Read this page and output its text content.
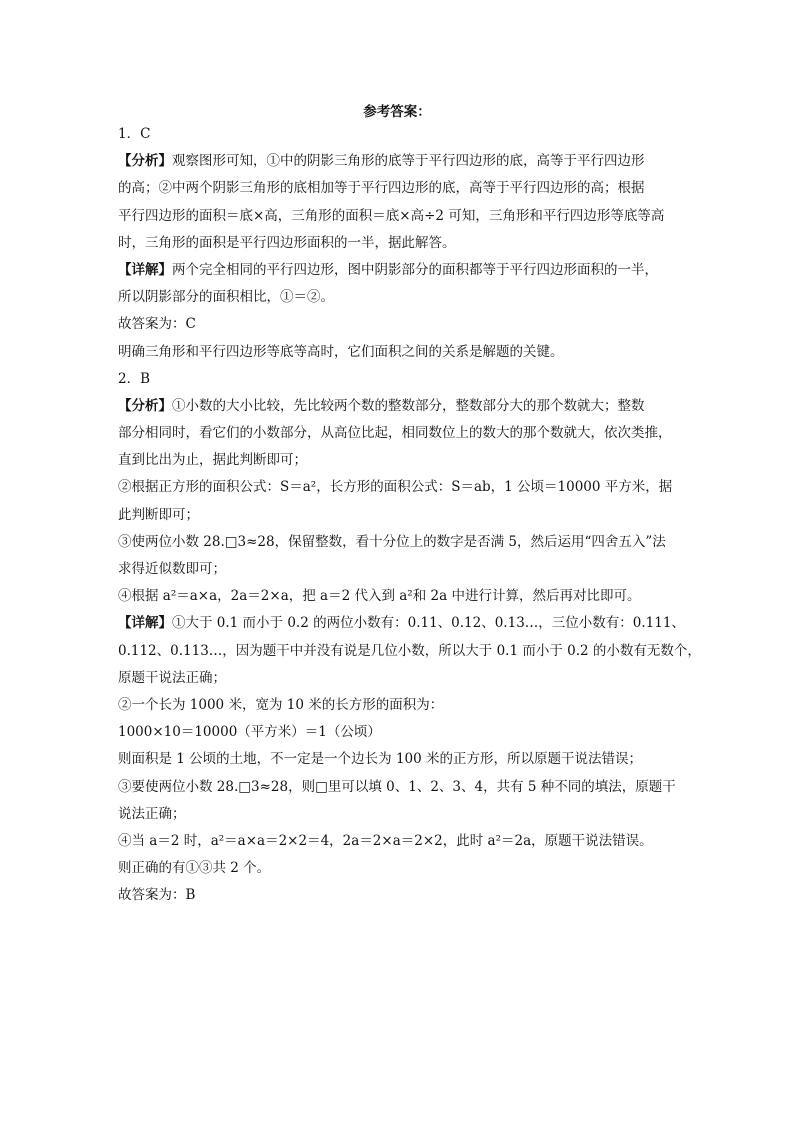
参考答案：
1．C
【分析】观察图形可知，①中的阴影三角形的底等于平行四边形的底，高等于平行四边形
的高；②中两个阴影三角形的底相加等于平行四边形的底，高等于平行四边形的高；根据
平行四边形的面积＝底×高，三角形的面积＝底×高÷2 可知，三角形和平行四边形等底等高
时，三角形的面积是平行四边形面积的一半，据此解答。
【详解】两个完全相同的平行四边形，图中阴影部分的面积都等于平行四边形面积的一半，
所以阴影部分的面积相比，①＝②。
故答案为：C
明确三角形和平行四边形等底等高时，它们面积之间的关系是解题的关键。
2．B
【分析】①小数的大小比较，先比较两个数的整数部分，整数部分大的那个数就大；整数
部分相同时，看它们的小数部分，从高位比起，相同数位上的数大的那个数就大，依次类推，
直到比出为止，据此判断即可；
②根据正方形的面积公式：S＝a²，长方形的面积公式：S＝ab，1 公顷＝10000 平方米，据
此判断即可；
③使两位小数 28.□3≈28，保留整数，看十分位上的数字是否满 5，然后运用“四舍五入”法
求得近似数即可；
④根据 a²＝a×a，2a＝2×a，把 a＝2 代入到 a²和 2a 中进行计算，然后再对比即可。
【详解】①大于 0.1 而小于 0.2 的两位小数有：0.11、0.12、0.13…，三位小数有：0.111、
0.112、0.113…，因为题干中并没有说是几位小数，所以大于 0.1 而小于 0.2 的小数有无数个，
原题干说法正确；
②一个长为 1000 米，宽为 10 米的长方形的面积为：
1000×10＝10000（平方米）＝1（公顷）
则面积是 1 公顷的土地，不一定是一个边长为 100 米的正方形，所以原题干说法错误；
③要使两位小数 28.□3≈28，则□里可以填 0、1、2、3、4，共有 5 种不同的填法，原题干
说法正确；
④当 a＝2 时，a²＝a×a＝2×2＝4，2a＝2×a＝2×2，此时 a²＝2a，原题干说法错误。
则正确的有①③共 2 个。
故答案为：B
